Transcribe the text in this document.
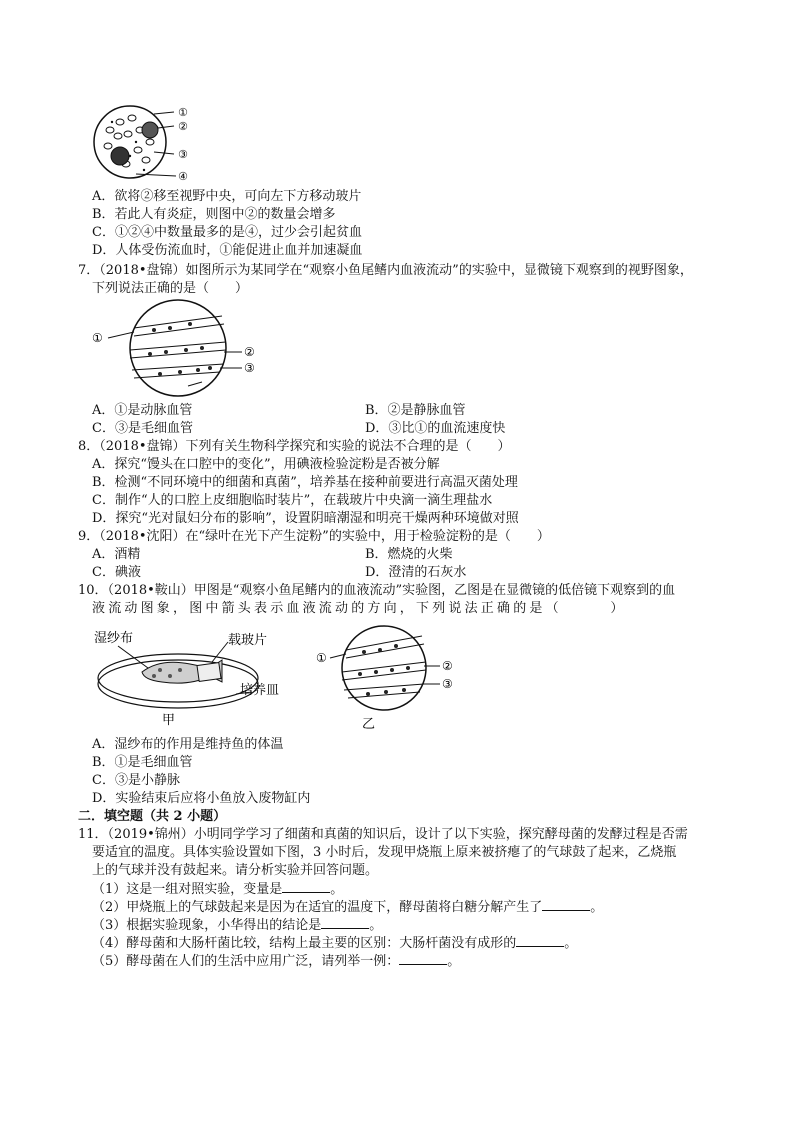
①
②
③
④
A．欲将②移至视野中央，可向左下方移动玻片
B．若此人有炎症，则图中②的数量会增多
C．①②④中数量最多的是④，过少会引起贫血
D．人体受伤流血时，①能促进止血并加速凝血
7．（2018•盘锦）如图所示为某同学在“观察小鱼尾鳍内血液流动”的实验中，显微镜下观察到的视野图象，
下列说法正确的是（　　）
①
②
③
A．①是动脉血管	B．②是静脉血管
C．③是毛细血管	D．③比①的血流速度快
8．（2018•盘锦）下列有关生物科学探究和实验的说法不合理的是（　　）
A．探究“馒头在口腔中的变化”，用碘液检验淀粉是否被分解
B．检测“不同环境中的细菌和真菌”，培养基在接种前要进行高温灭菌处理
C．制作“人的口腔上皮细胞临时装片”，在载玻片中央滴一滴生理盐水
D．探究“光对鼠妇分布的影响”，设置阴暗潮湿和明亮干燥两种环境做对照
9．（2018•沈阳）在“绿叶在光下产生淀粉”的实验中，用于检验淀粉的是（　　）
A．酒精	B．燃烧的火柴
C．碘液	D．澄清的石灰水
10．（2018•鞍山）甲图是“观察小鱼尾鳍内的血液流动”实验图，乙图是在显微镜的低倍镜下观察到的血
液流动图象，图中箭头表示血液流动的方向，下列说法正确的是（　　　）
湿纱布	载玻片
培养皿
甲
①
②
③
乙
A．湿纱布的作用是维持鱼的体温
B．①是毛细血管
C．③是小静脉
D．实验结束后应将小鱼放入废物缸内
二．填空题（共 2 小题）
11．（2019•锦州）小明同学学习了细菌和真菌的知识后，设计了以下实验，探究酵母菌的发酵过程是否需
要适宜的温度。具体实验设置如下图，3 小时后，发现甲烧瓶上原来被挤瘪了的气球鼓了起来，乙烧瓶
上的气球并没有鼓起来。请分析实验并回答问题。
（1）这是一组对照实验，变量是	。
（2）甲烧瓶上的气球鼓起来是因为在适宜的温度下，酵母菌将白糖分解产生了	。
（3）根据实验现象，小华得出的结论是	。
（4）酵母菌和大肠杆菌比较，结构上最主要的区别：大肠杆菌没有成形的	。
（5）酵母菌在人们的生活中应用广泛，请列举一例：	。
